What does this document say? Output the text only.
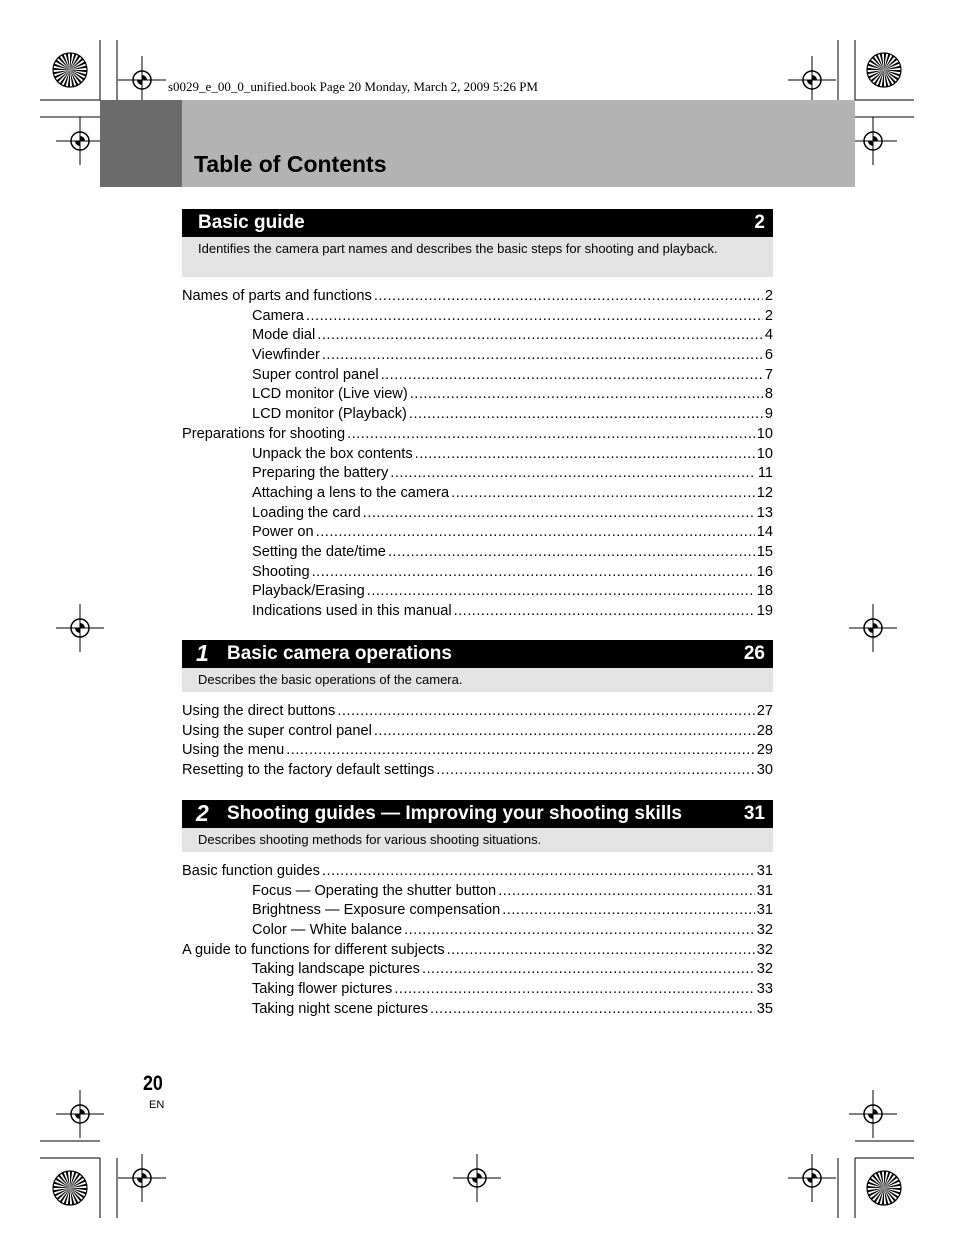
s0029_e_00_0_unified.book Page 20 Monday, March 2, 2009 5:26 PM
Table of Contents
Basic guide	2
Identifies the camera part names and describes the basic steps for shooting and playback.
Names of parts and functions .....	2
Camera .....	2
Mode dial .....	4
Viewfinder .....	6
Super control panel .....	7
LCD monitor (Live view) .....	8
LCD monitor (Playback) .....	9
Preparations for shooting .....	10
Unpack the box contents .....	10
Preparing the battery .....	11
Attaching a lens to the camera .....	12
Loading the card .....	13
Power on .....	14
Setting the date/time .....	15
Shooting .....	16
Playback/Erasing .....	18
Indications used in this manual .....	19
1 Basic camera operations	26
Describes the basic operations of the camera.
Using the direct buttons .....	27
Using the super control panel .....	28
Using the menu .....	29
Resetting to the factory default settings .....	30
2 Shooting guides — Improving your shooting skills	31
Describes shooting methods for various shooting situations.
Basic function guides .....	31
Focus — Operating the shutter button .....	31
Brightness — Exposure compensation .....	31
Color — White balance .....	32
A guide to functions for different subjects .....	32
Taking landscape pictures .....	32
Taking flower pictures .....	33
Taking night scene pictures .....	35
20
EN
